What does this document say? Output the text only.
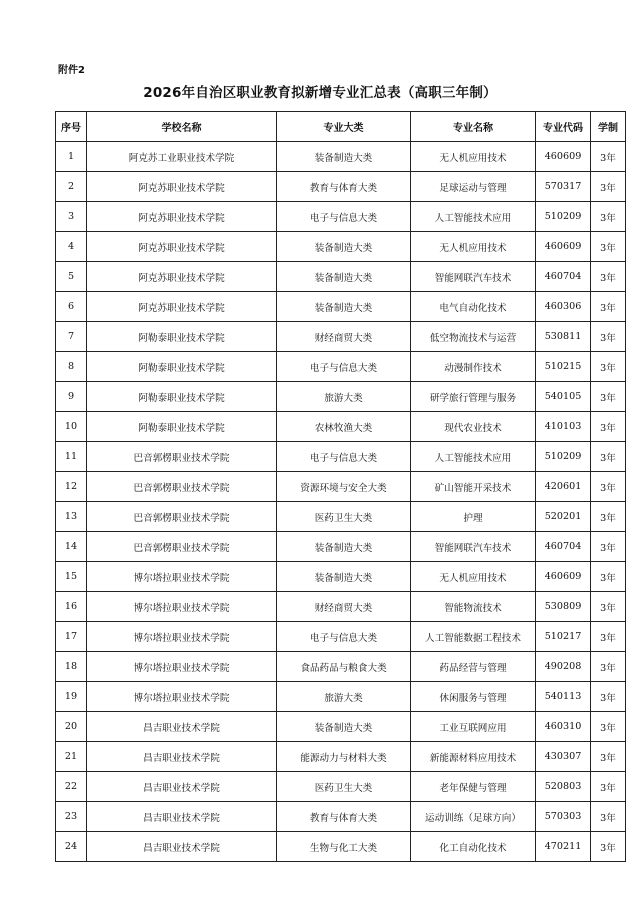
附件2
2026年自治区职业教育拟新增专业汇总表（高职三年制）
序号	学校名称	专业大类	专业名称	专业代码	学制
1	阿克苏工业职业技术学院	装备制造大类	无人机应用技术	460609	3年
2	阿克苏职业技术学院	教育与体育大类	足球运动与管理	570317	3年
3	阿克苏职业技术学院	电子与信息大类	人工智能技术应用	510209	3年
4	阿克苏职业技术学院	装备制造大类	无人机应用技术	460609	3年
5	阿克苏职业技术学院	装备制造大类	智能网联汽车技术	460704	3年
6	阿克苏职业技术学院	装备制造大类	电气自动化技术	460306	3年
7	阿勒泰职业技术学院	财经商贸大类	低空物流技术与运营	530811	3年
8	阿勒泰职业技术学院	电子与信息大类	动漫制作技术	510215	3年
9	阿勒泰职业技术学院	旅游大类	研学旅行管理与服务	540105	3年
10	阿勒泰职业技术学院	农林牧渔大类	现代农业技术	410103	3年
11	巴音郭楞职业技术学院	电子与信息大类	人工智能技术应用	510209	3年
12	巴音郭楞职业技术学院	资源环境与安全大类	矿山智能开采技术	420601	3年
13	巴音郭楞职业技术学院	医药卫生大类	护理	520201	3年
14	巴音郭楞职业技术学院	装备制造大类	智能网联汽车技术	460704	3年
15	博尔塔拉职业技术学院	装备制造大类	无人机应用技术	460609	3年
16	博尔塔拉职业技术学院	财经商贸大类	智能物流技术	530809	3年
17	博尔塔拉职业技术学院	电子与信息大类	人工智能数据工程技术	510217	3年
18	博尔塔拉职业技术学院	食品药品与粮食大类	药品经营与管理	490208	3年
19	博尔塔拉职业技术学院	旅游大类	休闲服务与管理	540113	3年
20	昌吉职业技术学院	装备制造大类	工业互联网应用	460310	3年
21	昌吉职业技术学院	能源动力与材料大类	新能源材料应用技术	430307	3年
22	昌吉职业技术学院	医药卫生大类	老年保健与管理	520803	3年
23	昌吉职业技术学院	教育与体育大类	运动训练（足球方向）	570303	3年
24	昌吉职业技术学院	生物与化工大类	化工自动化技术	470211	3年
